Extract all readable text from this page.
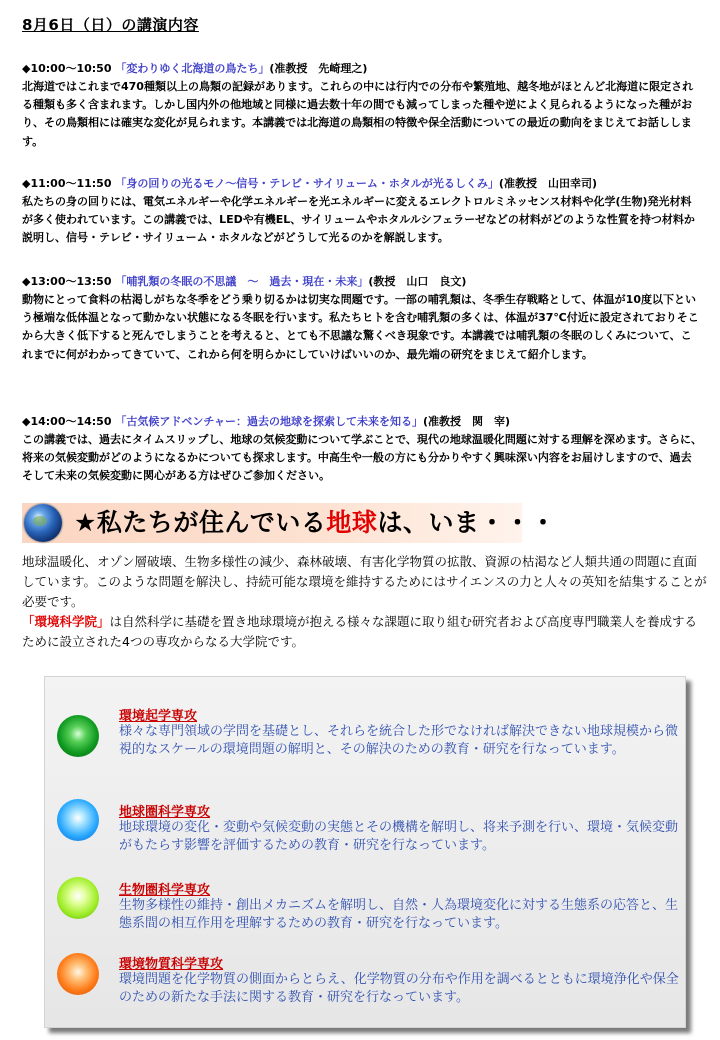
8月6日（日）の講演内容
◆10:00～10:50 「変わりゆく北海道の鳥たち」(准教授　先崎理之)
北海道ではこれまで470種類以上の鳥類の記録があります。これらの中には行内での分布や繁殖地、越冬地がほとんど北海道に限定される種類も多く含まれます。しかし国内外の他地域と同様に過去数十年の間でも減ってしまった種や逆によく見られるようになった種がおり、その鳥類相には確実な変化が見られます。本講義では北海道の鳥類相の特徴や保全活動についての最近の動向をまじえてお話しします。
◆11:00～11:50 「身の回りの光るモノ～信号・テレビ・サイリューム・ホタルが光るしくみ」(准教授　山田幸司)
私たちの身の回りには、電気エネルギーや化学エネルギーを光エネルギーに変えるエレクトロルミネッセンス材料や化学(生物)発光材料が多く使われています。この講義では、LEDや有機EL、サイリュームやホタルルシフェラーゼなどの材料がどのような性質を持つ材料か説明し、信号・テレビ・サイリューム・ホタルなどがどうして光るのかを解説します。
◆13:00～13:50 「哺乳類の冬眠の不思議　～　過去・現在・未来」(教授　山口　良文)
動物にとって食料の枯渇しがちな冬季をどう乗り切るかは切実な問題です。一部の哺乳類は、冬季生存戦略として、体温が10度以下という極端な低体温となって動かない状態になる冬眠を行います。私たちヒトを含む哺乳類の多くは、体温が37℃付近に設定されておりそこから大きく低下すると死んでしまうことを考えると、とても不思議な驚くべき現象です。本講義では哺乳類の冬眠のしくみについて、これまでに何がわかってきていて、これから何を明らかにしていけばいいのか、最先端の研究をまじえて紹介します。
◆14:00～14:50 「古気候アドベンチャー：過去の地球を探索して未来を知る」(准教授　関　宰)
この講義では、過去にタイムスリップし、地球の気候変動について学ぶことで、現代の地球温暖化問題に対する理解を深めます。さらに、将来の気候変動がどのようになるかについても探求します。中高生や一般の方にも分かりやすく興味深い内容をお届けしますので、過去そして未来の気候変動に関心がある方はぜひご参加ください。
★私たちが住んでいる地球は、いま・・・
地球温暖化、オゾン層破壊、生物多様性の減少、森林破壊、有害化学物質の拡散、資源の枯渇など人類共通の問題に直面しています。このような問題を解決し、持続可能な環境を維持するためにはサイエンスの力と人々の英知を結集することが必要です。
「環境科学院」は自然科学に基礎を置き地球環境が抱える様々な課題に取り組む研究者および高度専門職業人を養成するために設立された4つの専攻からなる大学院です。
環境起学専攻
様々な専門領域の学問を基礎とし、それらを統合した形でなければ解決できない地球規模から微視的なスケールの環境問題の解明と、その解決のための教育・研究を行なっています。
地球圏科学専攻
地球環境の変化・変動や気候変動の実態とその機構を解明し、将来予測を行い、環境・気候変動がもたらす影響を評価するための教育・研究を行なっています。
生物圏科学専攻
生物多様性の維持・創出メカニズムを解明し、自然・人為環境変化に対する生態系の応答と、生態系間の相互作用を理解するための教育・研究を行なっています。
環境物質科学専攻
環境問題を化学物質の側面からとらえ、化学物質の分布や作用を調べるとともに環境浄化や保全のための新たな手法に関する教育・研究を行なっています。
